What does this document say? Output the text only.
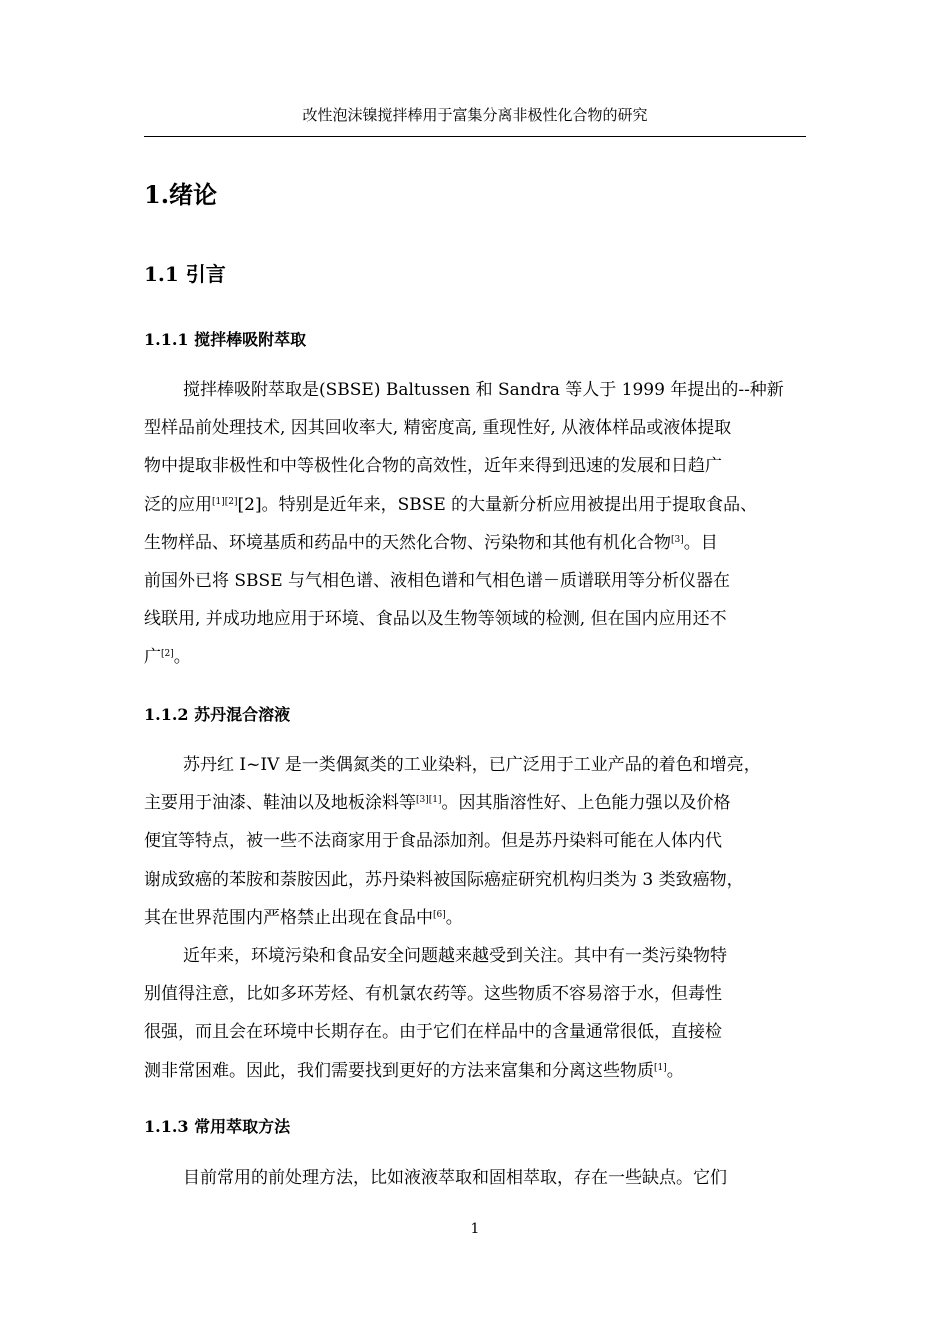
改性泡沫镍搅拌棒用于富集分离非极性化合物的研究
1.绪论
1.1 引言
1.1.1 搅拌棒吸附萃取
搅拌棒吸附萃取是(SBSE) Baltussen 和 Sandra 等人于 1999 年提出的--种新
型样品前处理技术, 因其回收率大, 精密度高, 重现性好, 从液体样品或液体提取
物中提取非极性和中等极性化合物的高效性，近年来得到迅速的发展和日趋广
泛的应用[1][2][2]。特别是近年来，SBSE 的大量新分析应用被提出用于提取食品、
生物样品、环境基质和药品中的天然化合物、污染物和其他有机化合物[3]。目
前国外已将 SBSE 与气相色谱、液相色谱和气相色谱－质谱联用等分析仪器在
线联用, 并成功地应用于环境、食品以及生物等领域的检测, 但在国内应用还不
广[2]。
1.1.2 苏丹混合溶液
苏丹红 I~IV 是一类偶氮类的工业染料，已广泛用于工业产品的着色和增亮，
主要用于油漆、鞋油以及地板涂料等[3][1]。因其脂溶性好、上色能力强以及价格
便宜等特点，被一些不法商家用于食品添加剂。但是苏丹染料可能在人体内代
谢成致癌的苯胺和萘胺因此，苏丹染料被国际癌症研究机构归类为 3 类致癌物，
其在世界范围内严格禁止出现在食品中[6]。
近年来，环境污染和食品安全问题越来越受到关注。其中有一类污染物特
别值得注意，比如多环芳烃、有机氯农药等。这些物质不容易溶于水，但毒性
很强，而且会在环境中长期存在。由于它们在样品中的含量通常很低，直接检
测非常困难。因此，我们需要找到更好的方法来富集和分离这些物质[1]。
1.1.3 常用萃取方法
目前常用的前处理方法，比如液液萃取和固相萃取，存在一些缺点。它们
1
